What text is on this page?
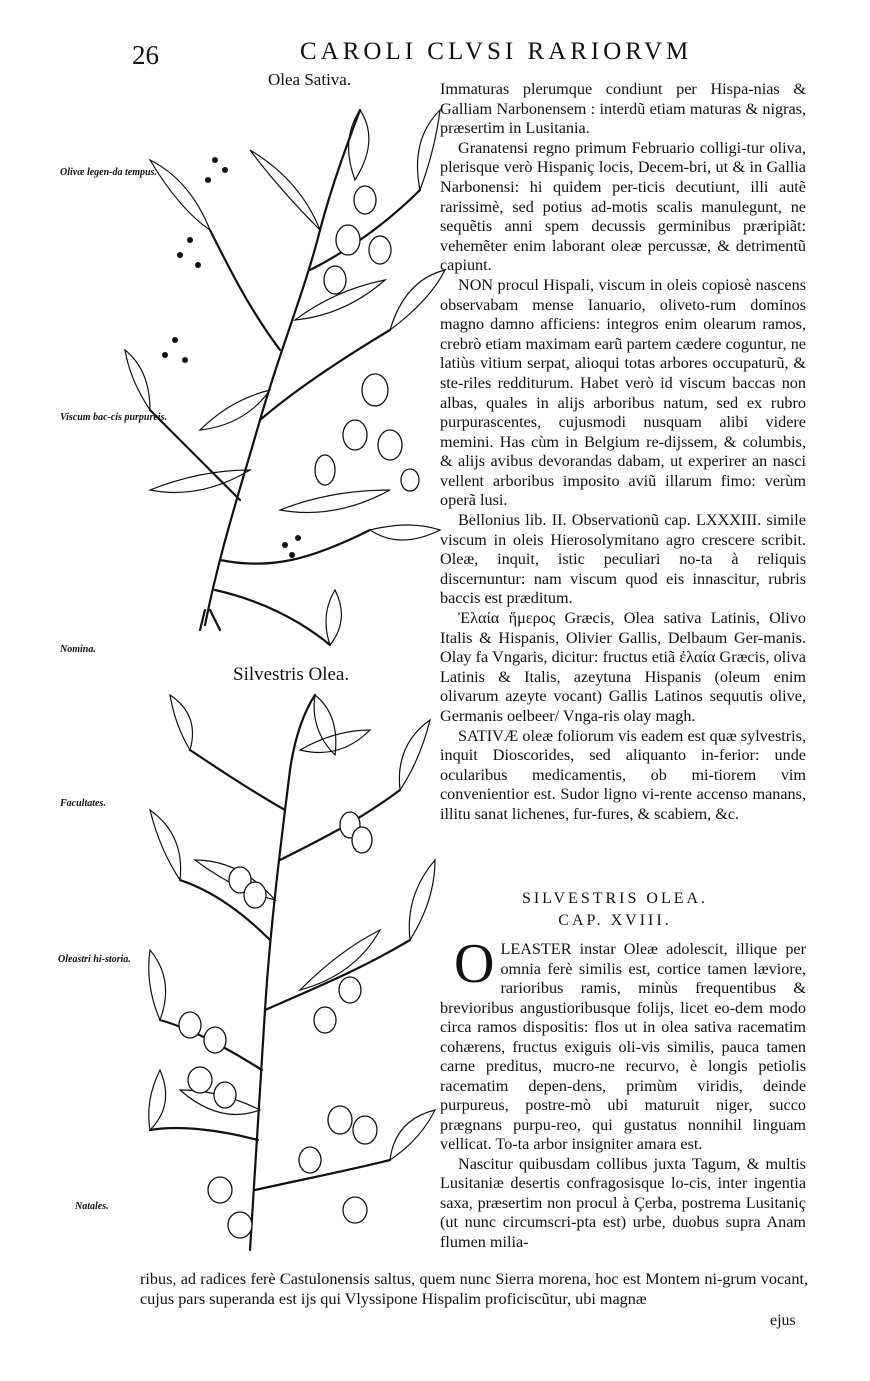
26	CAROLI CLVSI RARIORVM
Olea Sativa.
Silvestris Olea.
Olivæ legen-da tempus.
Viscum bac-cis purpureis.
Nomina.
Facultates.
Oleastri hi-storia.
Natales.

Immaturas plerumque condiunt per Hispa-nias & Galliam Narbonensem : interdũ etiam maturas & nigras, præsertim in Lusitania.

Granatensi regno primum Februario colligi-tur oliva, plerisque verò Hispaniç locis, Decem-bri, ut & in Gallia Narbonensi: hi quidem per-ticis decutiunt, illi autẽ rarissimè, sed potius ad-motis scalis manulegunt, ne sequẽtis anni spem decussis germinibus præripiãt: vehemẽter enim laborant oleæ percussæ, & detrimentũ capiunt.

NON procul Hispali, viscum in oleis copiosè nascens observabam mense Ianuario, oliveto-rum dominos magno damno afficiens: integros enim olearum ramos, crebrò etiam maximam earũ partem cædere coguntur, ne latiùs vitium serpat, alioqui totas arbores occupaturũ, & ste-riles redditurum. Habet verò id viscum baccas non albas, quales in alijs arboribus natum, sed ex rubro purpurascentes, cujusmodi nusquam alibi videre memini. Has cùm in Belgium re-dijssem, & columbis, & alijs avibus devorandas dabam, ut experirer an nasci vellent arboribus imposito aviũ illarum fimo: verùm operã lusi.

Bellonius lib. II. Observationũ cap. LXXXIII. simile viscum in oleis Hierosolymitano agro crescere scribit. Oleæ, inquit, istic peculiari no-ta à reliquis discernuntur: nam viscum quod eis innascitur, rubris baccis est præditum.

Ἐλαία ἥμερος Græcis, Olea sativa Latinis, Olivo Italis & Hispanis, Olivier Gallis, Delbaum Ger-manis. Olay fa Vngaris, dicitur: fructus etiã ἐλαία Græcis, oliva Latinis & Italis, azeytuna Hispanis (oleum enim olivarum azeyte vocant) Gallis Latinos sequutis olive, Germanis oelbeer/ Vnga-ris olay magh.

SATIVÆ oleæ foliorum vis eadem est quæ sylvestris, inquit Dioscorides, sed aliquanto in-ferior: unde ocularibus medicamentis, ob mi-tiorem vim convenientior est. Sudor ligno vi-rente accenso manans, illitu sanat lichenes, fur-fures, & scabiem, &c.

SILVESTRIS OLEA.
CAP. XVIII.
O LEASTER instar Oleæ adolescit, illique per omnia ferè similis est, cortice tamen læviore, rarioribus ramis, minùs frequentibus & brevioribus angustioribusque folijs, licet eo-dem modo circa ramos dispositis: flos ut in olea sativa racematim cohærens, fructus exiguis oli-vis similis, pauca tamen carne preditus, mucro-ne recurvo, è longis petiolis racematim depen-dens, primùm viridis, deinde purpureus, postre-mò ubi maturuit niger, succo prægnans purpu-reo, qui gustatus nonnihil linguam vellicat. To-ta arbor insigniter amara est.

Nascitur quibusdam collibus juxta Tagum, & multis Lusitaniæ desertis confragosisque lo-cis, inter ingentia saxa, præsertim non procul à Çerba, postrema Lusitaniç (ut nunc circumscri-pta est) urbe, duobus supra Anam flumen milia-

ribus, ad radices ferè Castulonensis saltus, quem nunc Sierra morena, hoc est Montem ni-grum vocant, cujus pars superanda est ijs qui Vlyssipone Hispalim proficiscũtur, ubi magnæ
ejus
